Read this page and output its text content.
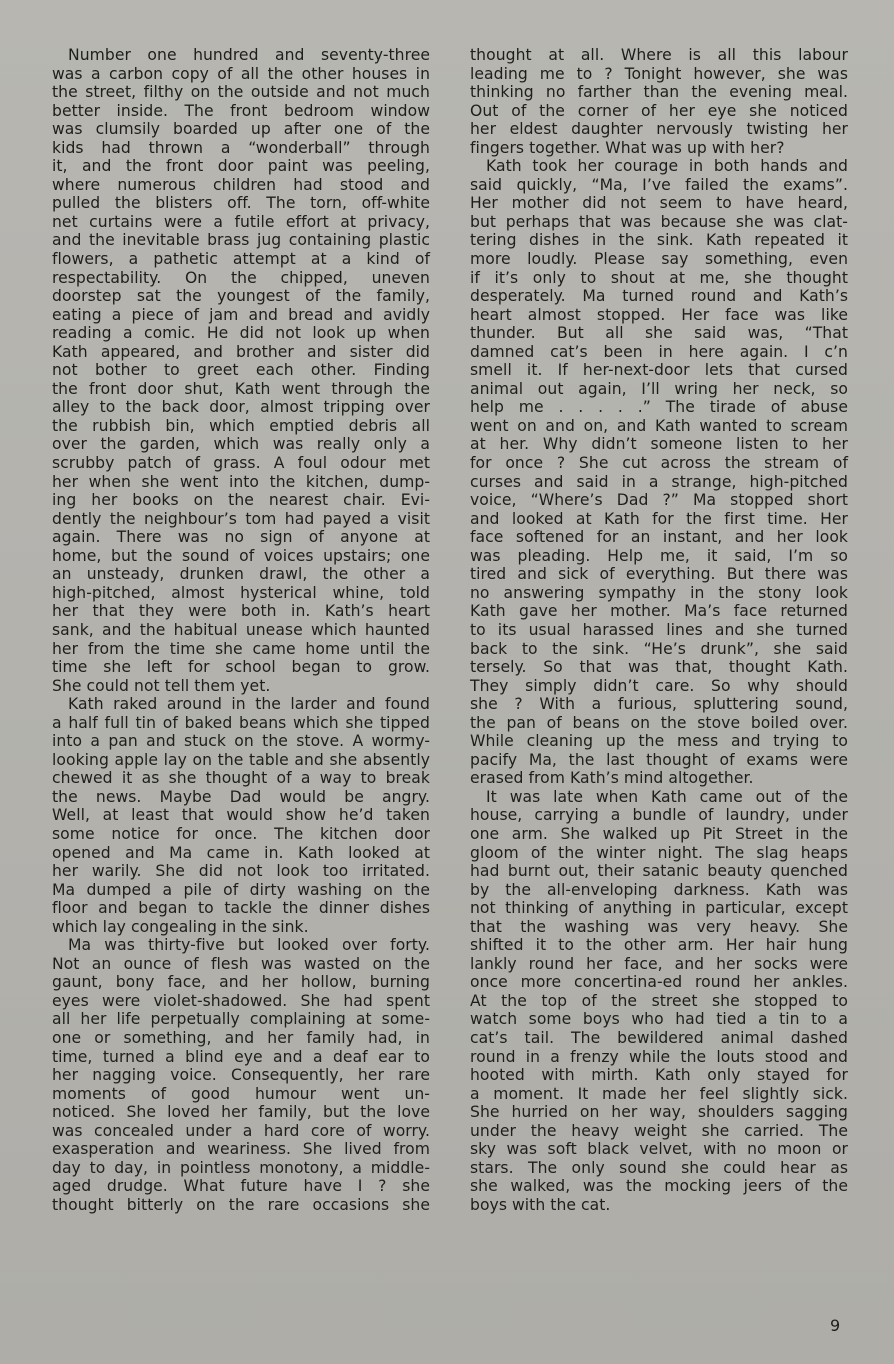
Number one hundred and seventy-three
was a carbon copy of all the other houses in
the street, filthy on the outside and not much
better inside. The front bedroom window
was clumsily boarded up after one of the
kids had thrown a “wonderball” through
it, and the front door paint was peeling,
where numerous children had stood and
pulled the blisters off. The torn, off-white
net curtains were a futile effort at privacy,
and the inevitable brass jug containing plastic
flowers, a pathetic attempt at a kind of
respectability. On the chipped, uneven
doorstep sat the youngest of the family,
eating a piece of jam and bread and avidly
reading a comic. He did not look up when
Kath appeared, and brother and sister did
not bother to greet each other. Finding
the front door shut, Kath went through the
alley to the back door, almost tripping over
the rubbish bin, which emptied debris all
over the garden, which was really only a
scrubby patch of grass. A foul odour met
her when she went into the kitchen, dump-
ing her books on the nearest chair. Evi-
dently the neighbour’s tom had payed a visit
again. There was no sign of anyone at
home, but the sound of voices upstairs; one
an unsteady, drunken drawl, the other a
high-pitched, almost hysterical whine, told
her that they were both in. Kath’s heart
sank, and the habitual unease which haunted
her from the time she came home until the
time she left for school began to grow.
She could not tell them yet.
Kath raked around in the larder and found
a half full tin of baked beans which she tipped
into a pan and stuck on the stove. A wormy-
looking apple lay on the table and she absently
chewed it as she thought of a way to break
the news. Maybe Dad would be angry.
Well, at least that would show he’d taken
some notice for once. The kitchen door
opened and Ma came in. Kath looked at
her warily. She did not look too irritated.
Ma dumped a pile of dirty washing on the
floor and began to tackle the dinner dishes
which lay congealing in the sink.
Ma was thirty-five but looked over forty.
Not an ounce of flesh was wasted on the
gaunt, bony face, and her hollow, burning
eyes were violet-shadowed. She had spent
all her life perpetually complaining at some-
one or something, and her family had, in
time, turned a blind eye and a deaf ear to
her nagging voice. Consequently, her rare
moments of good humour went un-
noticed. She loved her family, but the love
was concealed under a hard core of worry.
exasperation and weariness. She lived from
day to day, in pointless monotony, a middle-
aged drudge. What future have I ? she
thought bitterly on the rare occasions she
thought at all. Where is all this labour
leading me to ? Tonight however, she was
thinking no farther than the evening meal.
Out of the corner of her eye she noticed
her eldest daughter nervously twisting her
fingers together. What was up with her?
Kath took her courage in both hands and
said quickly, “Ma, I’ve failed the exams”.
Her mother did not seem to have heard,
but perhaps that was because she was clat-
tering dishes in the sink. Kath repeated it
more loudly. Please say something, even
if it’s only to shout at me, she thought
desperately. Ma turned round and Kath’s
heart almost stopped. Her face was like
thunder. But all she said was, “That
damned cat’s been in here again. I c’n
smell it. If her-next-door lets that cursed
animal out again, I’ll wring her neck, so
help me . . . . .” The tirade of abuse
went on and on, and Kath wanted to scream
at her. Why didn’t someone listen to her
for once ? She cut across the stream of
curses and said in a strange, high-pitched
voice, “Where’s Dad ?” Ma stopped short
and looked at Kath for the first time. Her
face softened for an instant, and her look
was pleading. Help me, it said, I’m so
tired and sick of everything. But there was
no answering sympathy in the stony look
Kath gave her mother. Ma’s face returned
to its usual harassed lines and she turned
back to the sink. “He’s drunk”, she said
tersely. So that was that, thought Kath.
They simply didn’t care. So why should
she ? With a furious, spluttering sound,
the pan of beans on the stove boiled over.
While cleaning up the mess and trying to
pacify Ma, the last thought of exams were
erased from Kath’s mind altogether.
It was late when Kath came out of the
house, carrying a bundle of laundry, under
one arm. She walked up Pit Street in the
gloom of the winter night. The slag heaps
had burnt out, their satanic beauty quenched
by the all-enveloping darkness. Kath was
not thinking of anything in particular, except
that the washing was very heavy. She
shifted it to the other arm. Her hair hung
lankly round her face, and her socks were
once more concertina-ed round her ankles.
At the top of the street she stopped to
watch some boys who had tied a tin to a
cat’s tail. The bewildered animal dashed
round in a frenzy while the louts stood and
hooted with mirth. Kath only stayed for
a moment. It made her feel slightly sick.
She hurried on her way, shoulders sagging
under the heavy weight she carried. The
sky was soft black velvet, with no moon or
stars. The only sound she could hear as
she walked, was the mocking jeers of the
boys with the cat.
9
